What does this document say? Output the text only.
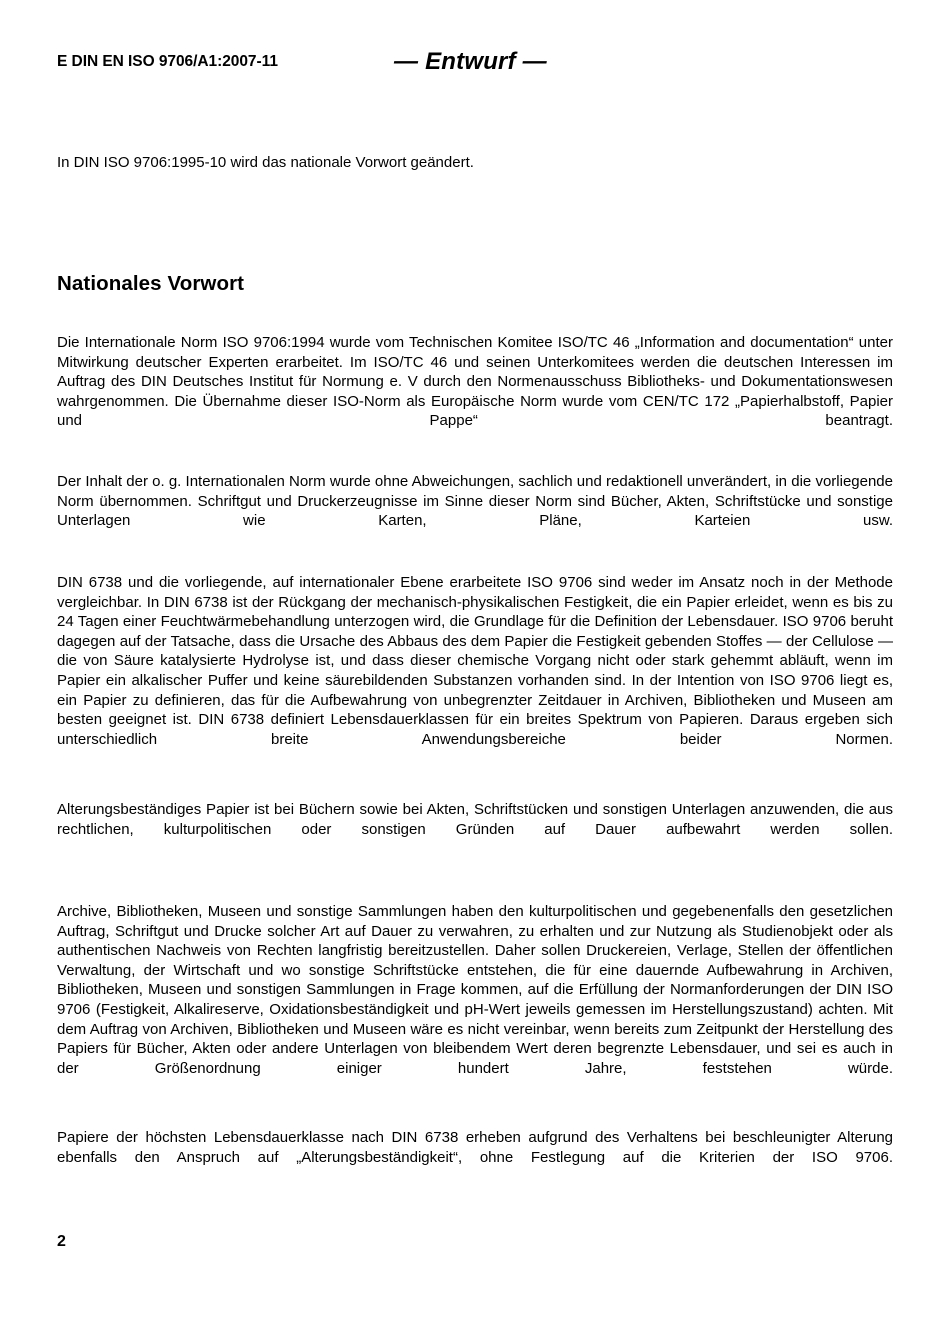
E DIN EN ISO 9706/A1:2007-11	— Entwurf —

In DIN ISO 9706:1995-10 wird das nationale Vorwort geändert.

Nationales Vorwort

Die Internationale Norm ISO 9706:1994 wurde vom Technischen Komitee ISO/TC 46 „Information and documentation“ unter Mitwirkung deutscher Experten erarbeitet. Im ISO/TC 46 und seinen Unterkomitees werden die deutschen Interessen im Auftrag des DIN Deutsches Institut für Normung e. V durch den Normenausschuss Bibliotheks- und Dokumentationswesen wahrgenommen. Die Übernahme dieser ISO-Norm als Europäische Norm wurde vom CEN/TC 172 „Papierhalbstoff, Papier und Pappe“ beantragt.

Der Inhalt der o. g. Internationalen Norm wurde ohne Abweichungen, sachlich und redaktionell unverändert, in die vorliegende Norm übernommen. Schriftgut und Druckerzeugnisse im Sinne dieser Norm sind Bücher, Akten, Schriftstücke und sonstige Unterlagen wie Karten, Pläne, Karteien usw.

DIN 6738 und die vorliegende, auf internationaler Ebene erarbeitete ISO 9706 sind weder im Ansatz noch in der Methode vergleichbar. In DIN 6738 ist der Rückgang der mechanisch-physikalischen Festigkeit, die ein Papier erleidet, wenn es bis zu 24 Tagen einer Feuchtwärmebehandlung unterzogen wird, die Grundlage für die Definition der Lebensdauer. ISO 9706 beruht dagegen auf der Tatsache, dass die Ursache des Abbaus des dem Papier die Festigkeit gebenden Stoffes — der Cellulose — die von Säure katalysierte Hydrolyse ist, und dass dieser chemische Vorgang nicht oder stark gehemmt abläuft, wenn im Papier ein alkalischer Puffer und keine säurebildenden Substanzen vorhanden sind. In der Intention von ISO 9706 liegt es, ein Papier zu definieren, das für die Aufbewahrung von unbegrenzter Zeitdauer in Archiven, Bibliotheken und Museen am besten geeignet ist. DIN 6738 definiert Lebensdauerklassen für ein breites Spektrum von Papieren. Daraus ergeben sich unterschiedlich breite Anwendungsbereiche beider Normen.

Alterungsbeständiges Papier ist bei Büchern sowie bei Akten, Schriftstücken und sonstigen Unterlagen anzuwenden, die aus rechtlichen, kulturpolitischen oder sonstigen Gründen auf Dauer aufbewahrt werden sollen.

Archive, Bibliotheken, Museen und sonstige Sammlungen haben den kulturpolitischen und gegebenenfalls den gesetzlichen Auftrag, Schriftgut und Drucke solcher Art auf Dauer zu verwahren, zu erhalten und zur Nutzung als Studienobjekt oder als authentischen Nachweis von Rechten langfristig bereitzustellen. Daher sollen Druckereien, Verlage, Stellen der öffentlichen Verwaltung, der Wirtschaft und wo sonstige Schriftstücke entstehen, die für eine dauernde Aufbewahrung in Archiven, Bibliotheken, Museen und sonstigen Sammlungen in Frage kommen, auf die Erfüllung der Normanforderungen der DIN ISO 9706 (Festigkeit, Alkalireserve, Oxidationsbeständigkeit und pH-Wert jeweils gemessen im Herstellungszustand) achten. Mit dem Auftrag von Archiven, Bibliotheken und Museen wäre es nicht vereinbar, wenn bereits zum Zeitpunkt der Herstellung des Papiers für Bücher, Akten oder andere Unterlagen von bleibendem Wert deren begrenzte Lebensdauer, und sei es auch in der Größenordnung einiger hundert Jahre, feststehen würde.

Papiere der höchsten Lebensdauerklasse nach DIN 6738 erheben aufgrund des Verhaltens bei beschleunigter Alterung ebenfalls den Anspruch auf „Alterungsbeständigkeit“, ohne Festlegung auf die Kriterien der ISO 9706.

2
